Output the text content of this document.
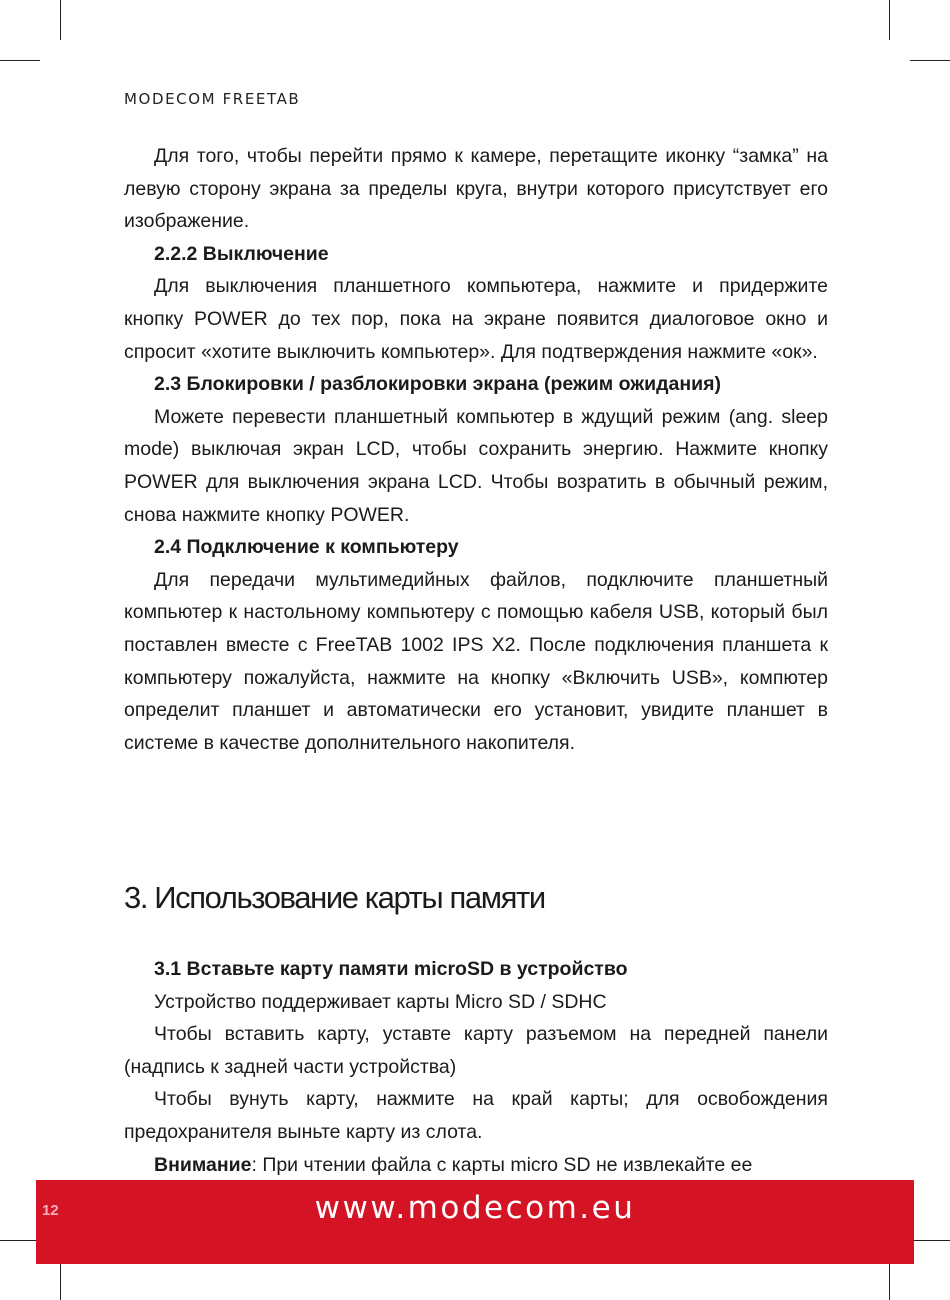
MODECOM FREETAB

Для того, чтобы перейти прямо к камере, перетащите иконку “замка” на левую сторону экрана за пределы круга, внутри которого присутствует его изображение.

2.2.2 Выключение

Для выключения планшетного компьютера, нажмите и придержите кнопку POWER до тех пор, пока на экране появится диалоговое окно и спросит «хотите выключить компьютер». Для подтверждения нажмите «ок».

2.3 Блокировки / разблокировки экрана (режим ожидания)

Можете перевести планшетный компьютер в ждущий режим (ang. sleep mode) выключая экран LCD, чтобы сохранить энергию. Нажмите кнопку POWER для выключения экрана LCD. Чтобы возратить в обычный режим, снова нажмите кнопку POWER.

2.4 Подключение к компьютеру

Для передачи мультимедийных файлов, подключите планшетный компьютер к настольному компьютеру с помощью кабеля USB, который был поставлен вместе с FreeTAB 1002 IPS X2. После подключения планшета к компьютеру пожалуйста, нажмите на кнопку «Включить USB», компютер определит планшет и автоматически его установит, увидите планшет в системе в качестве дополнительного накопителя.

3. Использование карты памяти

3.1 Вставьте карту памяти microSD в устройство

Устройство поддерживает карты Micro SD / SDHC

Чтобы вставить карту, уставте карту разъемом на передней панели (надпись к задней части устройства)

Чтобы вунуть карту, нажмите на край карты; для освобождения предохранителя выньте карту из слота.

Внимание: При чтении файла с карты micro SD не извлекайте ее

12	www.modecom.eu
